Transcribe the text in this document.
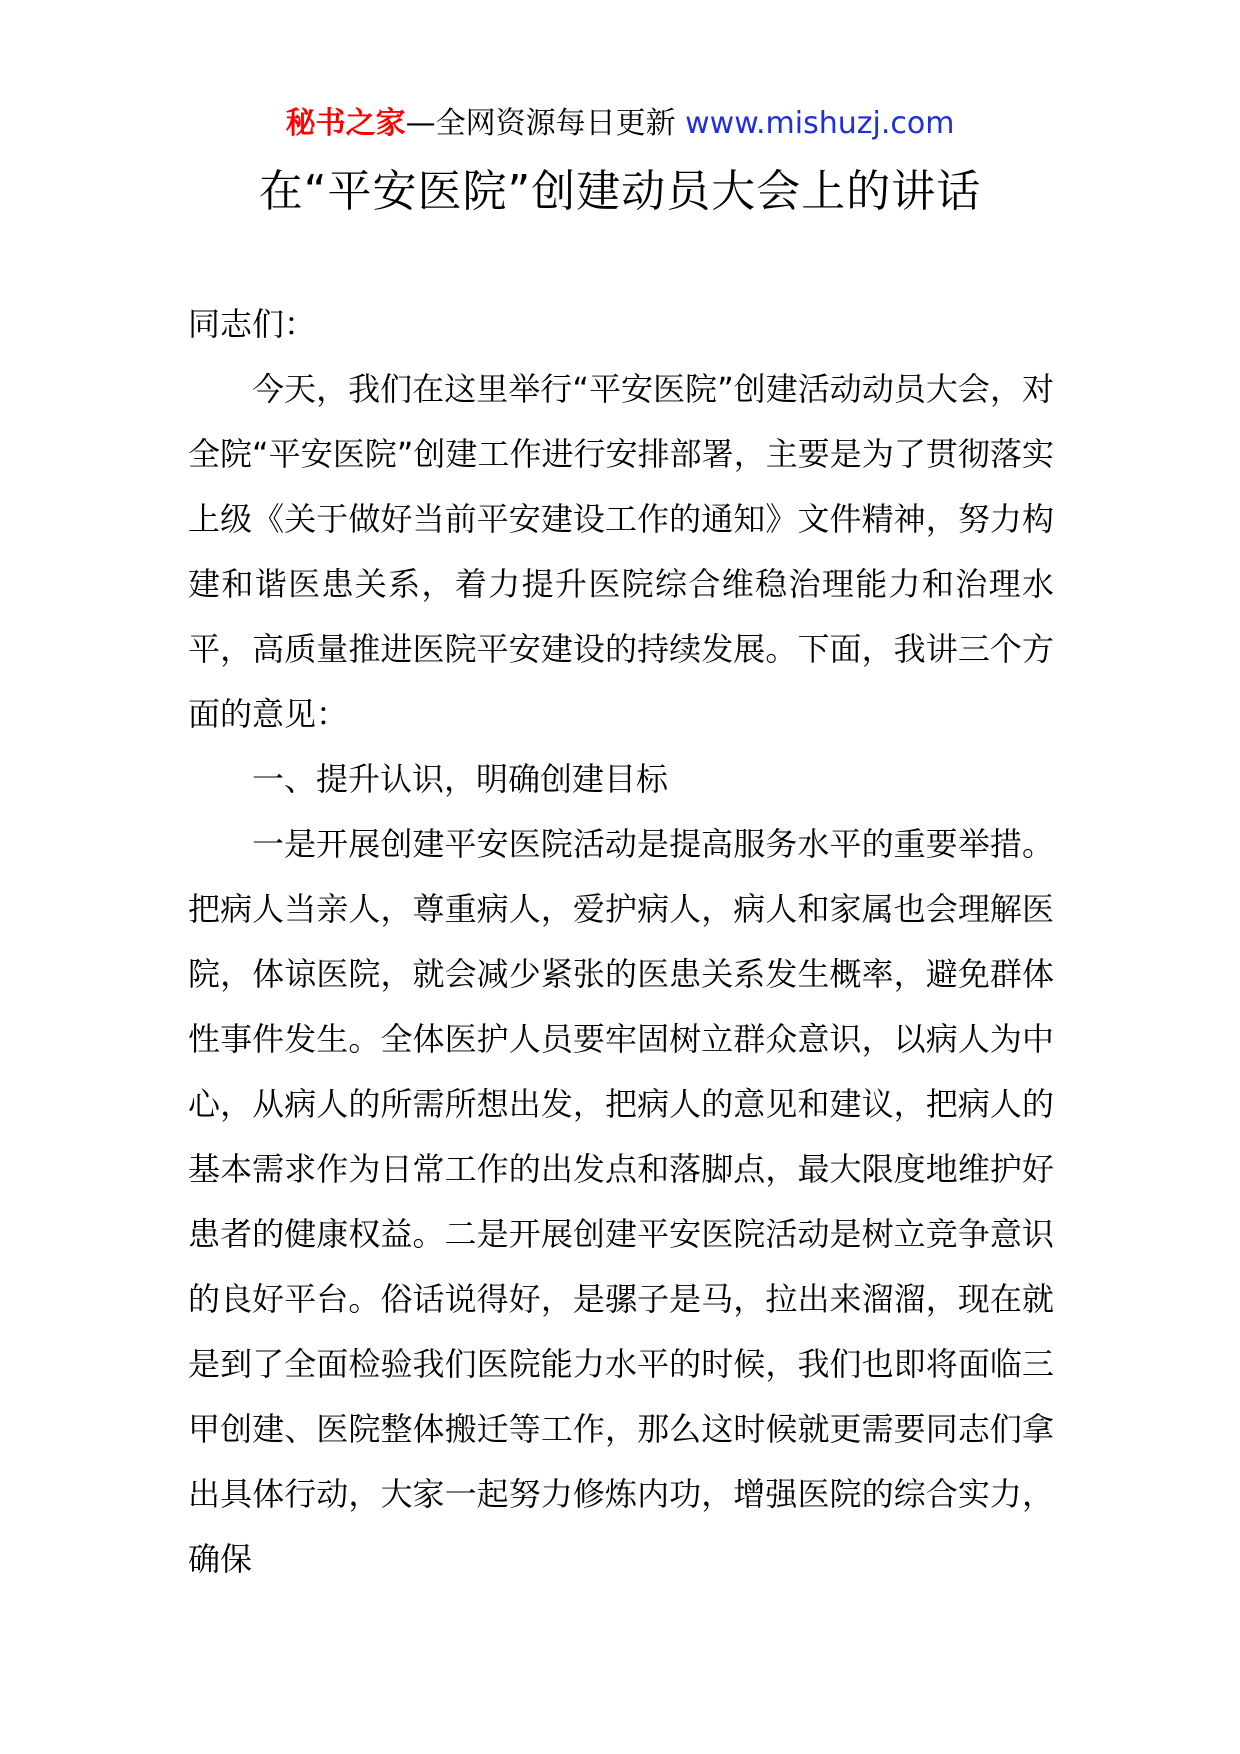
秘书之家—全网资源每日更新 www.mishuzj.com
在“平安医院”创建动员大会上的讲话

同志们：

今天，我们在这里举行“平安医院”创建活动动员大会，对全院“平安医院”创建工作进行安排部署，主要是为了贯彻落实上级《关于做好当前平安建设工作的通知》文件精神，努力构建和谐医患关系，着力提升医院综合维稳治理能力和治理水平，高质量推进医院平安建设的持续发展。下面，我讲三个方面的意见：

一、提升认识，明确创建目标

一是开展创建平安医院活动是提高服务水平的重要举措。把病人当亲人，尊重病人，爱护病人，病人和家属也会理解医院，体谅医院，就会减少紧张的医患关系发生概率，避免群体性事件发生。全体医护人员要牢固树立群众意识，以病人为中心，从病人的所需所想出发，把病人的意见和建议，把病人的基本需求作为日常工作的出发点和落脚点，最大限度地维护好患者的健康权益。二是开展创建平安医院活动是树立竞争意识的良好平台。俗话说得好，是骡子是马，拉出来溜溜，现在就是到了全面检验我们医院能力水平的时候，我们也即将面临三甲创建、医院整体搬迁等工作，那么这时候就更需要同志们拿出具体行动，大家一起努力修炼内功，增强医院的综合实力，确保
